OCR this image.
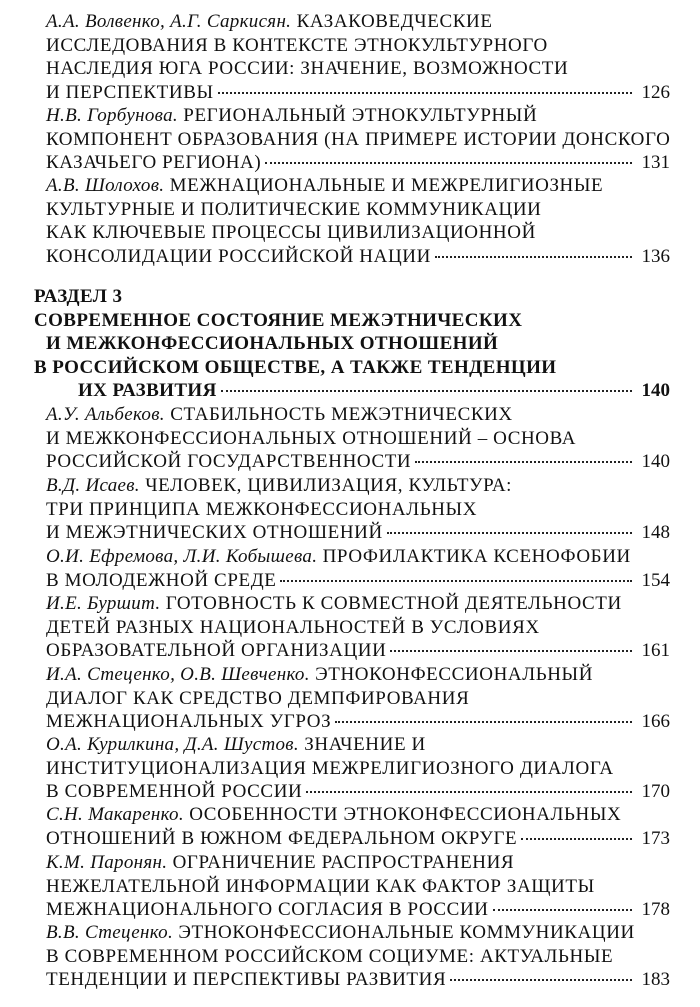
А.А. Волвенко, А.Г. Саркисян. КАЗАКОВЕДЧЕСКИЕ
ИССЛЕДОВАНИЯ В КОНТЕКСТЕ ЭТНОКУЛЬТУРНОГО
НАСЛЕДИЯ ЮГА РОССИИ: ЗНАЧЕНИЕ, ВОЗМОЖНОСТИ
И ПЕРСПЕКТИВЫ	126
Н.В. Горбунова. РЕГИОНАЛЬНЫЙ ЭТНОКУЛЬТУРНЫЙ
КОМПОНЕНТ ОБРАЗОВАНИЯ (НА ПРИМЕРЕ ИСТОРИИ ДОНСКОГО
КАЗАЧЬЕГО РЕГИОНА)	131
А.В. Шолохов. МЕЖНАЦИОНАЛЬНЫЕ И МЕЖРЕЛИГИОЗНЫЕ
КУЛЬТУРНЫЕ И ПОЛИТИЧЕСКИЕ КОММУНИКАЦИИ
КАК КЛЮЧЕВЫЕ ПРОЦЕССЫ ЦИВИЛИЗАЦИОННОЙ
КОНСОЛИДАЦИИ РОССИЙСКОЙ НАЦИИ	136
РАЗДЕЛ 3
СОВРЕМЕННОЕ СОСТОЯНИЕ МЕЖЭТНИЧЕСКИХ
И МЕЖКОНФЕССИОНАЛЬНЫХ ОТНОШЕНИЙ
В РОССИЙСКОМ ОБЩЕСТВЕ, А ТАКЖЕ ТЕНДЕНЦИИ
ИХ РАЗВИТИЯ	140
А.У. Альбеков. СТАБИЛЬНОСТЬ МЕЖЭТНИЧЕСКИХ
И МЕЖКОНФЕССИОНАЛЬНЫХ ОТНОШЕНИЙ – ОСНОВА
РОССИЙСКОЙ ГОСУДАРСТВЕННОСТИ	140
В.Д. Исаев. ЧЕЛОВЕК, ЦИВИЛИЗАЦИЯ, КУЛЬТУРА:
ТРИ ПРИНЦИПА МЕЖКОНФЕССИОНАЛЬНЫХ
И МЕЖЭТНИЧЕСКИХ ОТНОШЕНИЙ	148
О.И. Ефремова, Л.И. Кобышева. ПРОФИЛАКТИКА КСЕНОФОБИИ
В МОЛОДЕЖНОЙ СРЕДЕ	154
И.Е. Буршит. ГОТОВНОСТЬ К СОВМЕСТНОЙ ДЕЯТЕЛЬНОСТИ
ДЕТЕЙ РАЗНЫХ НАЦИОНАЛЬНОСТЕЙ В УСЛОВИЯХ
ОБРАЗОВАТЕЛЬНОЙ ОРГАНИЗАЦИИ	161
И.А. Стеценко, О.В. Шевченко. ЭТНОКОНФЕССИОНАЛЬНЫЙ
ДИАЛОГ КАК СРЕДСТВО ДЕМПФИРОВАНИЯ
МЕЖНАЦИОНАЛЬНЫХ УГРОЗ	166
О.А. Курилкина, Д.А. Шустов. ЗНАЧЕНИЕ И
ИНСТИТУЦИОНАЛИЗАЦИЯ МЕЖРЕЛИГИОЗНОГО ДИАЛОГА
В СОВРЕМЕННОЙ РОССИИ	170
С.Н. Макаренко. ОСОБЕННОСТИ ЭТНОКОНФЕССИОНАЛЬНЫХ
ОТНОШЕНИЙ В ЮЖНОМ ФЕДЕРАЛЬНОМ ОКРУГЕ	173
К.М. Паронян. ОГРАНИЧЕНИЕ РАСПРОСТРАНЕНИЯ
НЕЖЕЛАТЕЛЬНОЙ ИНФОРМАЦИИ КАК ФАКТОР ЗАЩИТЫ
МЕЖНАЦИОНАЛЬНОГО СОГЛАСИЯ В РОССИИ	178
В.В. Стеценко. ЭТНОКОНФЕССИОНАЛЬНЫЕ КОММУНИКАЦИИ
В СОВРЕМЕННОМ РОССИЙСКОМ СОЦИУМЕ: АКТУАЛЬНЫЕ
ТЕНДЕНЦИИ И ПЕРСПЕКТИВЫ РАЗВИТИЯ	183
